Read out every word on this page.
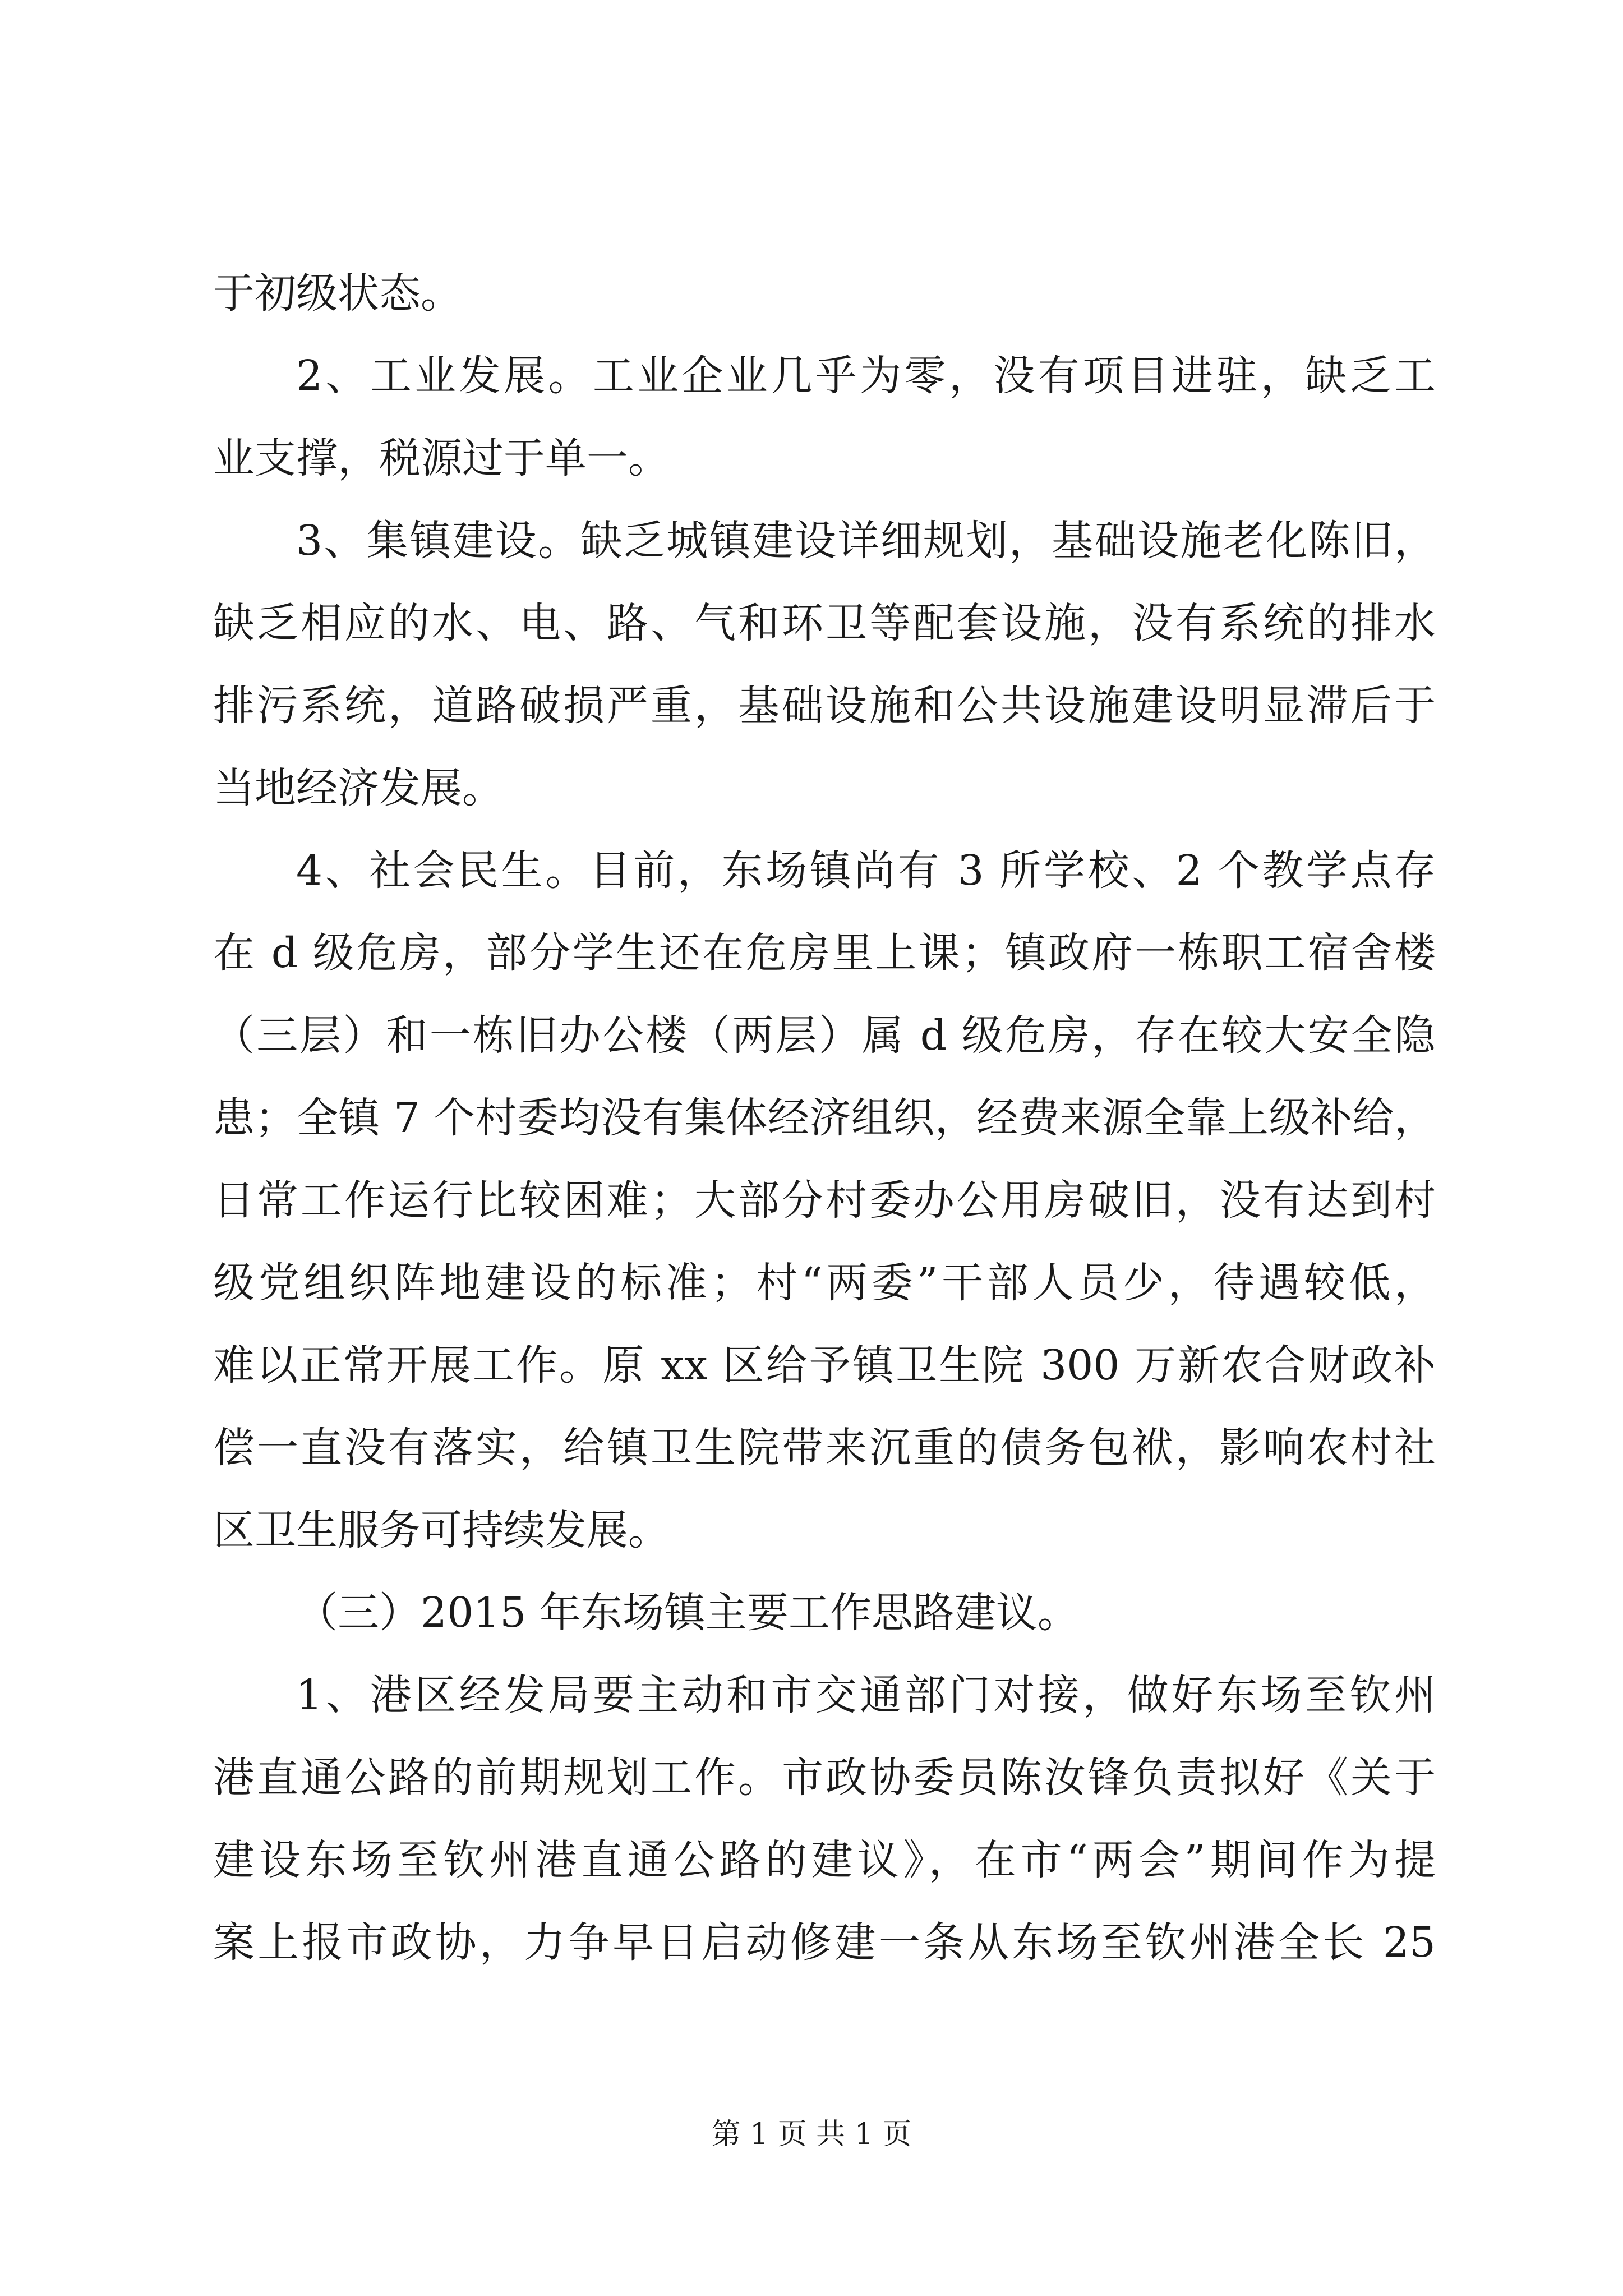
于初级状态。
2、工业发展。工业企业几乎为零，没有项目进驻，缺乏工
业支撑，税源过于单一。
3、集镇建设。缺乏城镇建设详细规划，基础设施老化陈旧，
缺乏相应的水、电、路、气和环卫等配套设施，没有系统的排水
排污系统，道路破损严重，基础设施和公共设施建设明显滞后于
当地经济发展。
4、社会民生。目前，东场镇尚有 3 所学校、2 个教学点存
在 d 级危房，部分学生还在危房里上课；镇政府一栋职工宿舍楼
（三层）和一栋旧办公楼（两层）属 d 级危房，存在较大安全隐
患；全镇 7 个村委均没有集体经济组织，经费来源全靠上级补给，
日常工作运行比较困难；大部分村委办公用房破旧，没有达到村
级党组织阵地建设的标准；村“两委”干部人员少，待遇较低，
难以正常开展工作。原 xx 区给予镇卫生院 300 万新农合财政补
偿一直没有落实，给镇卫生院带来沉重的债务包袱，影响农村社
区卫生服务可持续发展。
（三）2015 年东场镇主要工作思路建议。
1、港区经发局要主动和市交通部门对接，做好东场至钦州
港直通公路的前期规划工作。市政协委员陈汝锋负责拟好《关于
建设东场至钦州港直通公路的建议》，在市“两会”期间作为提
案上报市政协，力争早日启动修建一条从东场至钦州港全长 25
第 1 页 共 1 页
